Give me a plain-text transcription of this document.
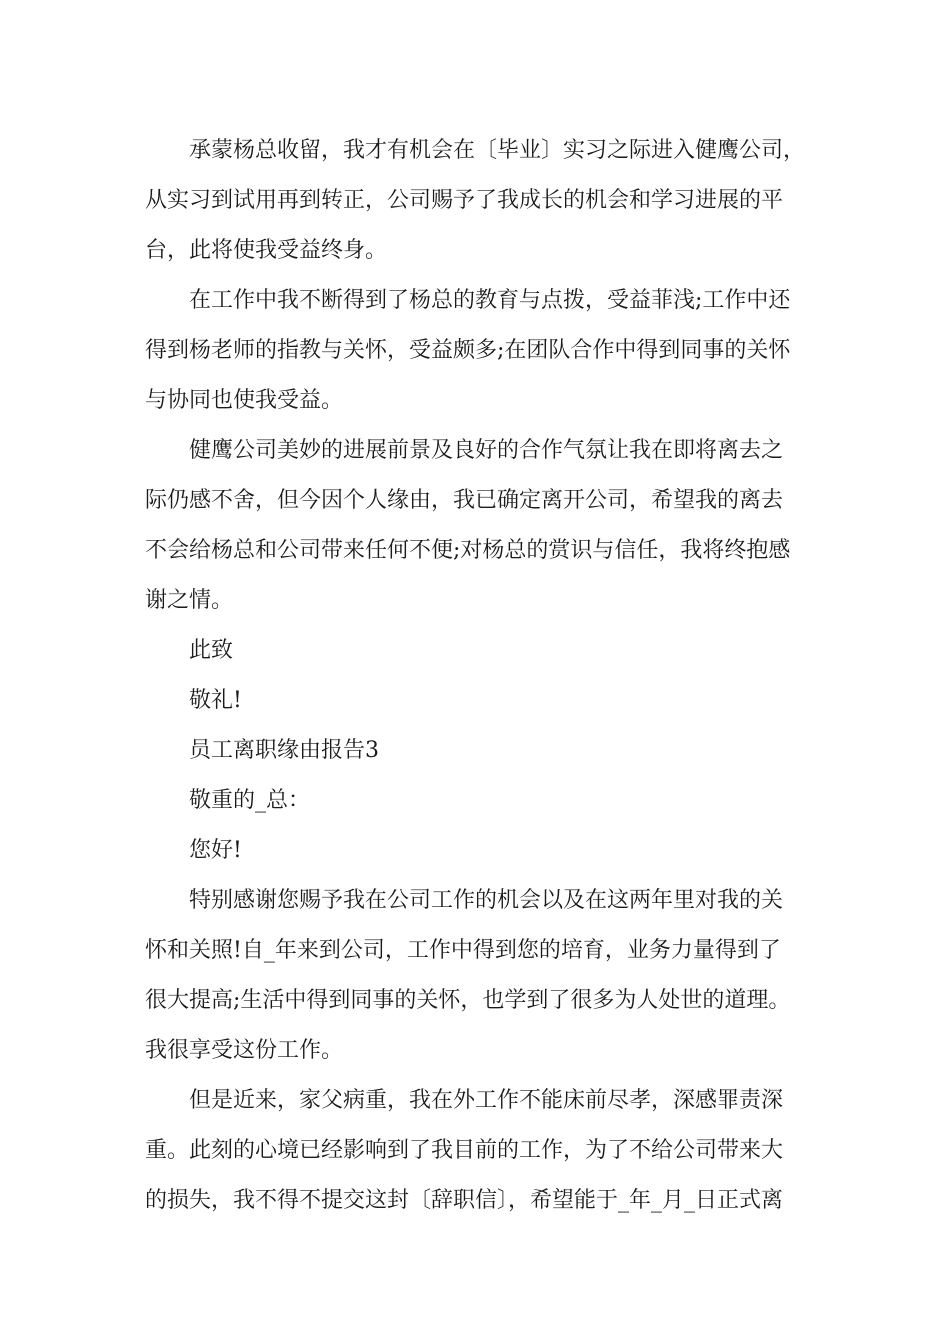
承蒙杨总收留，我才有机会在〔毕业〕实习之际进入健鹰公司，
从实习到试用再到转正，公司赐予了我成长的机会和学习进展的平
台，此将使我受益终身。

在工作中我不断得到了杨总的教育与点拨，受益菲浅;工作中还
得到杨老师的指教与关怀，受益颇多;在团队合作中得到同事的关怀
与协同也使我受益。

健鹰公司美妙的进展前景及良好的合作气氛让我在即将离去之
际仍感不舍，但今因个人缘由，我已确定离开公司，希望我的离去
不会给杨总和公司带来任何不便;对杨总的赏识与信任，我将终抱感
谢之情。

此致

敬礼!

员工离职缘由报告3

敬重的_总：

您好!

特别感谢您赐予我在公司工作的机会以及在这两年里对我的关
怀和关照!自_年来到公司，工作中得到您的培育，业务力量得到了
很大提高;生活中得到同事的关怀，也学到了很多为人处世的道理。
我很享受这份工作。

但是近来，家父病重，我在外工作不能床前尽孝，深感罪责深
重。此刻的心境已经影响到了我目前的工作，为了不给公司带来大
的损失，我不得不提交这封〔辞职信〕，希望能于_年_月_日正式离
